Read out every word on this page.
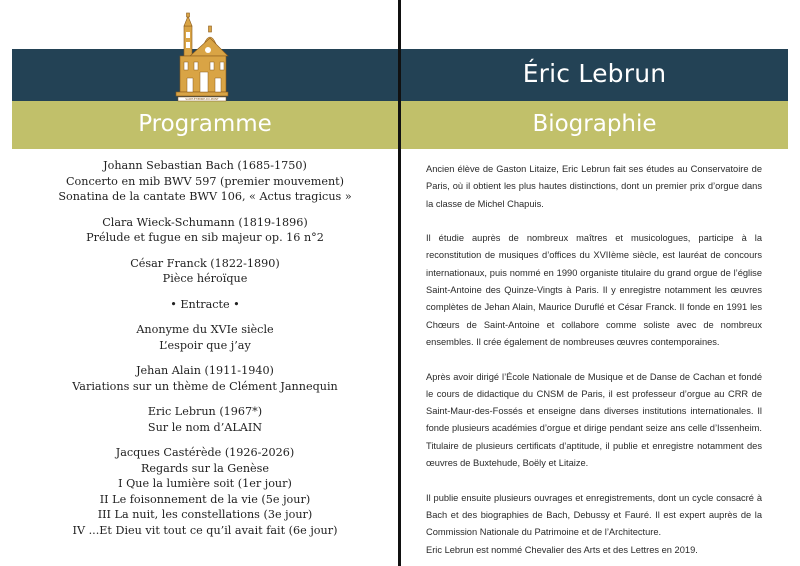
Programme
SAINT-ÉTIENNE-DU-MONT
Éric Lebrun
Biographie
Johann Sebastian Bach (1685-1750)
Concerto en mib BWV 597 (premier mouvement)
Sonatina de la cantate BWV 106, « Actus tragicus »
Clara Wieck-Schumann (1819-1896)
Prélude et fugue en sib majeur op. 16 n°2
César Franck (1822-1890)
Pièce héroïque
• Entracte •
Anonyme du XVIe siècle
L’espoir que j’ay
Jehan Alain (1911-1940)
Variations sur un thème de Clément Jannequin
Eric Lebrun (1967*)
Sur le nom d’ALAIN
Jacques Castérède (1926-2026)
Regards sur la Genèse
I Que la lumière soit (1er jour)
II Le foisonnement de la vie (5e jour)
III La nuit, les constellations (3e jour)
IV ...Et Dieu vit tout ce qu’il avait fait (6e jour)

Ancien élève de Gaston Litaize, Eric Lebrun fait ses études au Conservatoire de Paris, où il obtient les plus hautes distinctions, dont un premier prix d’orgue dans la classe de Michel Chapuis.

Il étudie auprès de nombreux maîtres et musicologues, participe à la reconstitution de musiques d’offices du XVIIème siècle, est lauréat de concours internationaux, puis nommé en 1990 organiste titulaire du grand orgue de l’église Saint-Antoine des Quinze-Vingts à Paris. Il y enregistre notamment les œuvres complètes de Jehan Alain, Maurice Duruflé et César Franck. Il fonde en 1991 les Chœurs de Saint-Antoine et collabore comme soliste avec de nombreux ensembles. Il crée également de nombreuses œuvres contemporaines.

Après avoir dirigé l’École Nationale de Musique et de Danse de Cachan et fondé le cours de didactique du CNSM de Paris, il est professeur d’orgue au CRR de Saint-Maur-des-Fossés et enseigne dans diverses institutions internationales. Il fonde plusieurs académies d’orgue et dirige pendant seize ans celle d’Issenheim. Titulaire de plusieurs certificats d’aptitude, il publie et enregistre notamment des œuvres de Buxtehude, Boëly et Litaize.

Il publie ensuite plusieurs ouvrages et enregistrements, dont un cycle consacré à Bach et des biographies de Bach, Debussy et Fauré. Il est expert auprès de la Commission Nationale du Patrimoine et de l’Architecture.

Eric Lebrun est nommé Chevalier des Arts et des Lettres en 2019.
